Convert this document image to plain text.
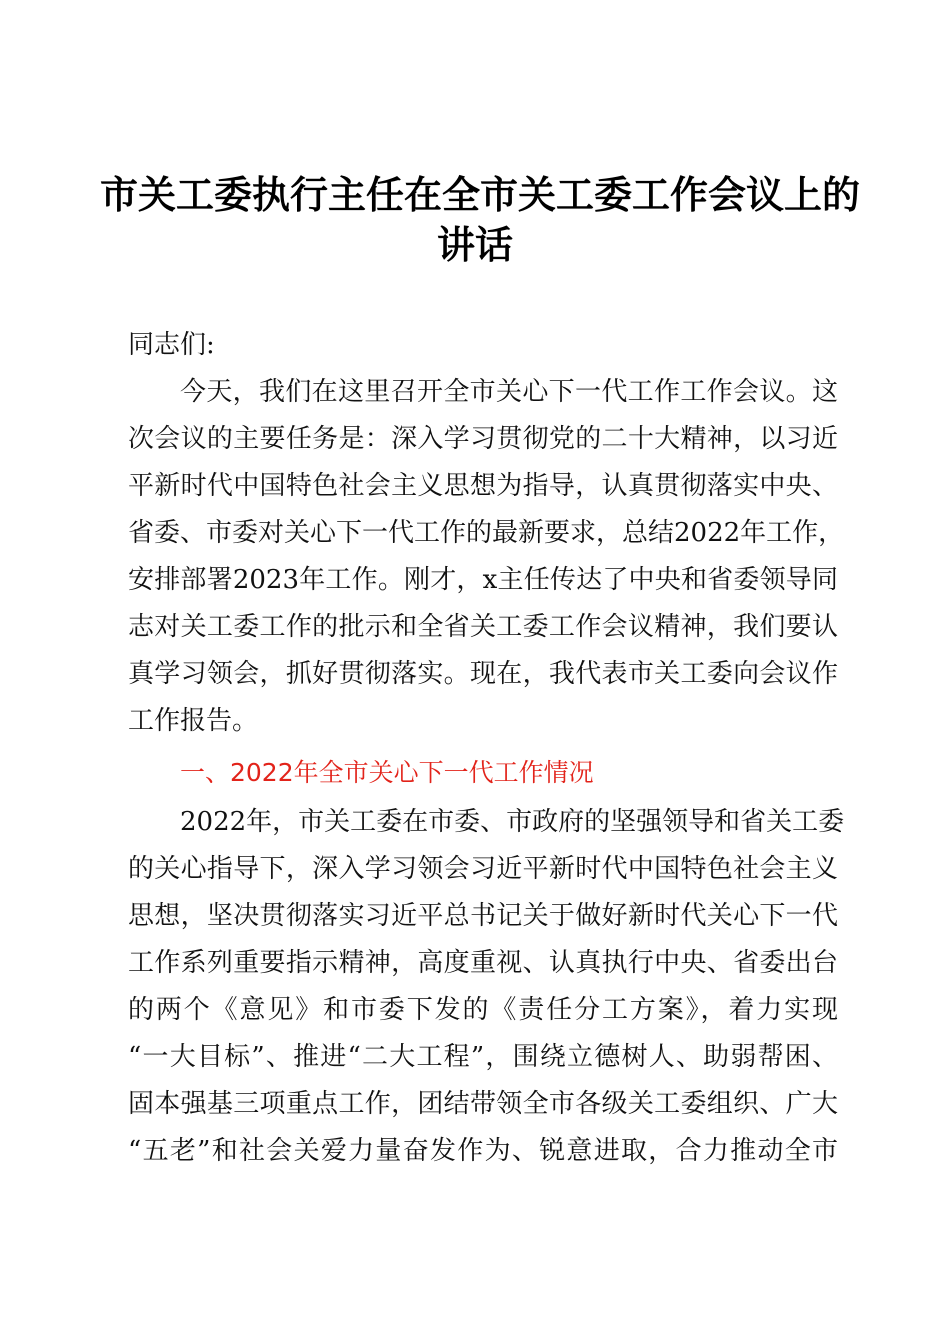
市关工委执行主任在全市关工委工作会议上的
讲话
同志们:
今天，我们在这里召开全市关心下一代工作工作会议。这
次会议的主要任务是：深入学习贯彻党的二十大精神，以习近
平新时代中国特色社会主义思想为指导，认真贯彻落实中央、
省委、市委对关心下一代工作的最新要求，总结2022年工作，
安排部署2023年工作。刚才，x主任传达了中央和省委领导同
志对关工委工作的批示和全省关工委工作会议精神，我们要认
真学习领会，抓好贯彻落实。现在，我代表市关工委向会议作
工作报告。
一、2022年全市关心下一代工作情况
2022年，市关工委在市委、市政府的坚强领导和省关工委
的关心指导下，深入学习领会习近平新时代中国特色社会主义
思想，坚决贯彻落实习近平总书记关于做好新时代关心下一代
工作系列重要指示精神，高度重视、认真执行中央、省委出台
的两个《意见》和市委下发的《责任分工方案》，着力实现
“一大目标”、推进“二大工程”，围绕立德树人、助弱帮困、
固本强基三项重点工作，团结带领全市各级关工委组织、广大
“五老”和社会关爱力量奋发作为、锐意进取，合力推动全市
